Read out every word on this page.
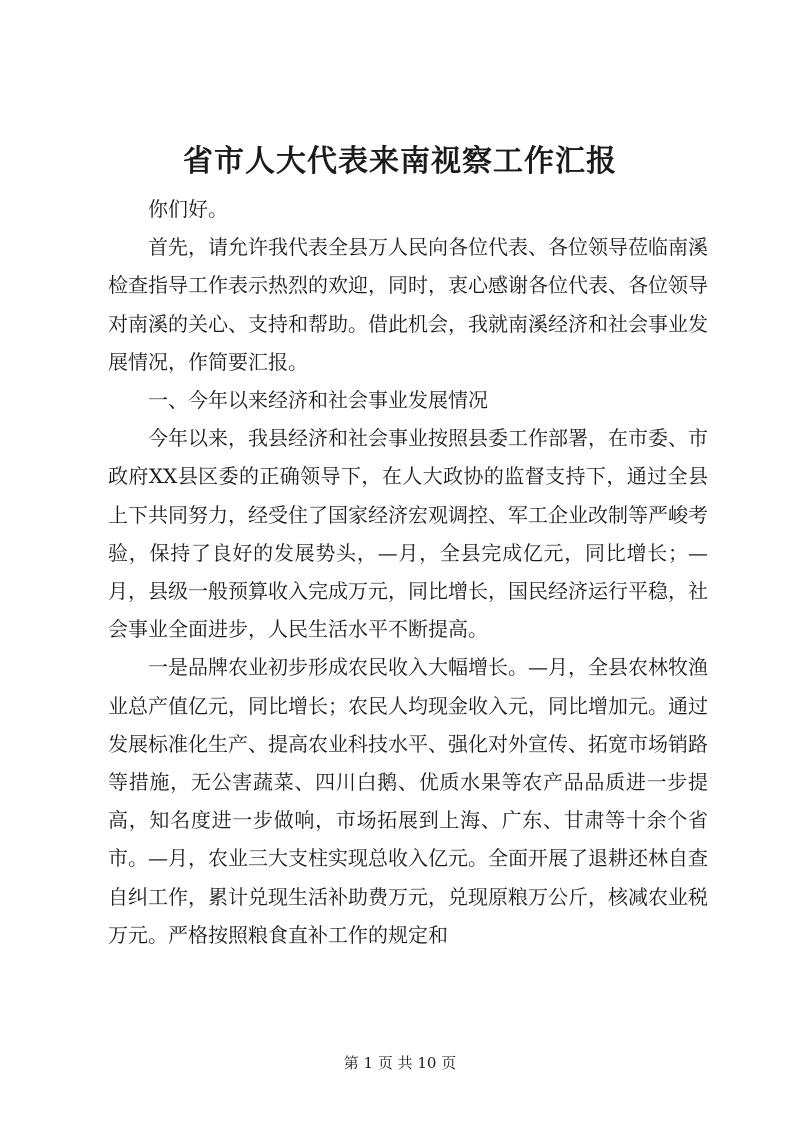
省市人大代表来南视察工作汇报

你们好。

首先，请允许我代表全县万人民向各位代表、各位领导莅临南溪检查指导工作表示热烈的欢迎，同时，衷心感谢各位代表、各位领导对南溪的关心、支持和帮助。借此机会，我就南溪经济和社会事业发展情况，作简要汇报。

一、今年以来经济和社会事业发展情况

今年以来，我县经济和社会事业按照县委工作部署，在市委、市政府XX县区委的正确领导下，在人大政协的监督支持下，通过全县上下共同努力，经受住了国家经济宏观调控、军工企业改制等严峻考验，保持了良好的发展势头，—月，全县完成亿元，同比增长；—月，县级一般预算收入完成万元，同比增长，国民经济运行平稳，社会事业全面进步，人民生活水平不断提高。

一是品牌农业初步形成农民收入大幅增长。—月，全县农林牧渔业总产值亿元，同比增长；农民人均现金收入元，同比增加元。通过发展标准化生产、提高农业科技水平、强化对外宣传、拓宽市场销路等措施，无公害蔬菜、四川白鹅、优质水果等农产品品质进一步提高，知名度进一步做响，市场拓展到上海、广东、甘肃等十余个省市。—月，农业三大支柱实现总收入亿元。全面开展了退耕还林自查自纠工作，累计兑现生活补助费万元，兑现原粮万公斤，核减农业税万元。严格按照粮食直补工作的规定和

第 1 页 共 10 页
